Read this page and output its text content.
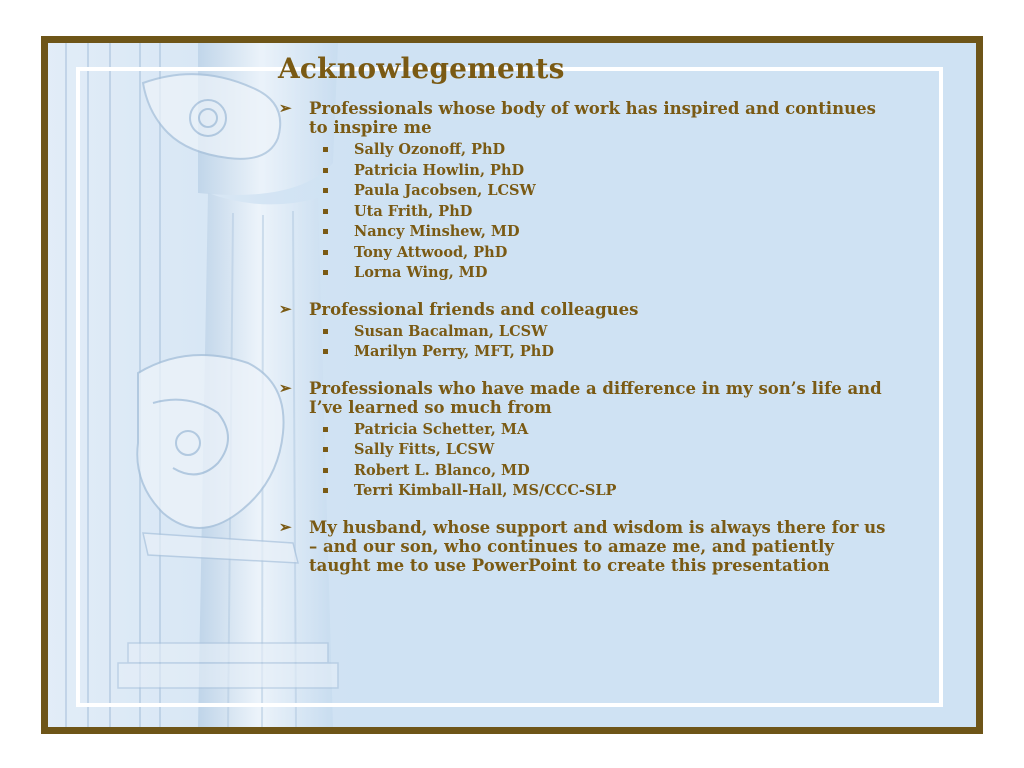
Acknowlegements
➢ Professionals whose body of work has inspired and continues to inspire me
Sally Ozonoff, PhD
Patricia Howlin, PhD
Paula Jacobsen, LCSW
Uta Frith, PhD
Nancy Minshew, MD
Tony Attwood, PhD
Lorna Wing, MD
➢ Professional friends and colleagues
Susan Bacalman, LCSW
Marilyn Perry, MFT, PhD
➢ Professionals who have made a difference in my son’s life and I’ve learned so much from
Patricia Schetter, MA
Sally Fitts, LCSW
Robert L. Blanco, MD
Terri Kimball-Hall, MS/CCC-SLP
➢ My husband, whose support and wisdom is always there for us – and our son, who continues to amaze me, and patiently taught me to use PowerPoint to create this presentation
